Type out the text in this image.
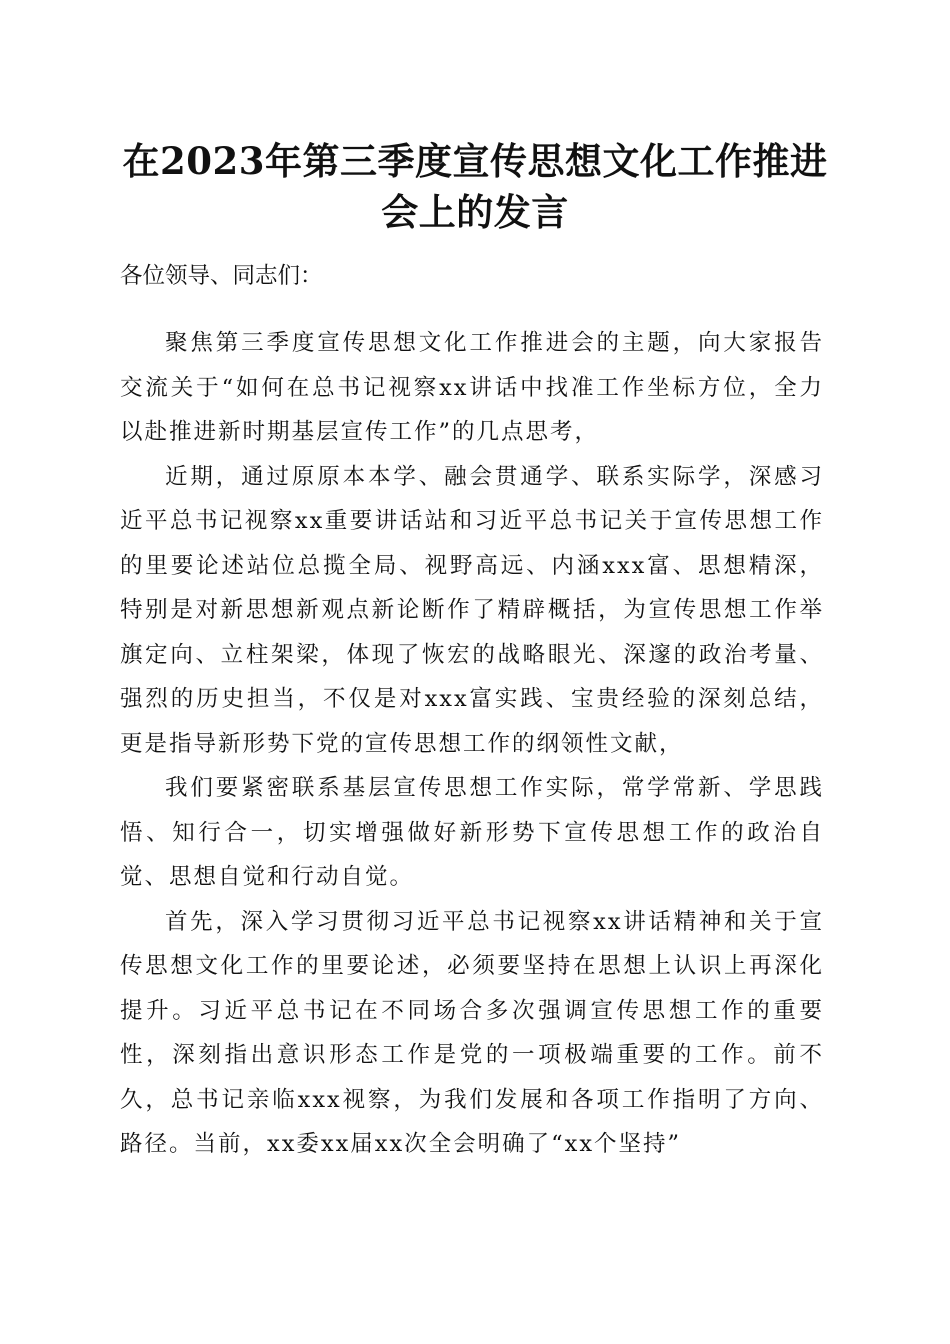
在2023年第三季度宣传思想文化工作推进会上的发言
各位领导、同志们：

聚焦第三季度宣传思想文化工作推进会的主题，向大家报告交流关于“如何在总书记视察xx讲话中找准工作坐标方位，全力以赴推进新时期基层宣传工作”的几点思考，

近期，通过原原本本学、融会贯通学、联系实际学，深感习近平总书记视察xx重要讲话站和习近平总书记关于宣传思想工作的里要论述站位总揽全局、视野高远、内涵xxx富、思想精深，特别是对新思想新观点新论断作了精辟概括，为宣传思想工作举旗定向、立柱架梁，体现了恢宏的战略眼光、深邃的政治考量、强烈的历史担当，不仅是对xxx富实践、宝贵经验的深刻总结，更是指导新形势下党的宣传思想工作的纲领性文献，

我们要紧密联系基层宣传思想工作实际，常学常新、学思践悟、知行合一，切实增强做好新形势下宣传思想工作的政治自觉、思想自觉和行动自觉。

首先，深入学习贯彻习近平总书记视察xx讲话精神和关于宣传思想文化工作的里要论述，必须要坚持在思想上认识上再深化提升。习近平总书记在不同场合多次强调宣传思想工作的重要性，深刻指出意识形态工作是党的一项极端重要的工作。前不久，总书记亲临xxx视察，为我们发展和各项工作指明了方向、路径。当前，xx委xx届xx次全会明确了“xx个坚持”
